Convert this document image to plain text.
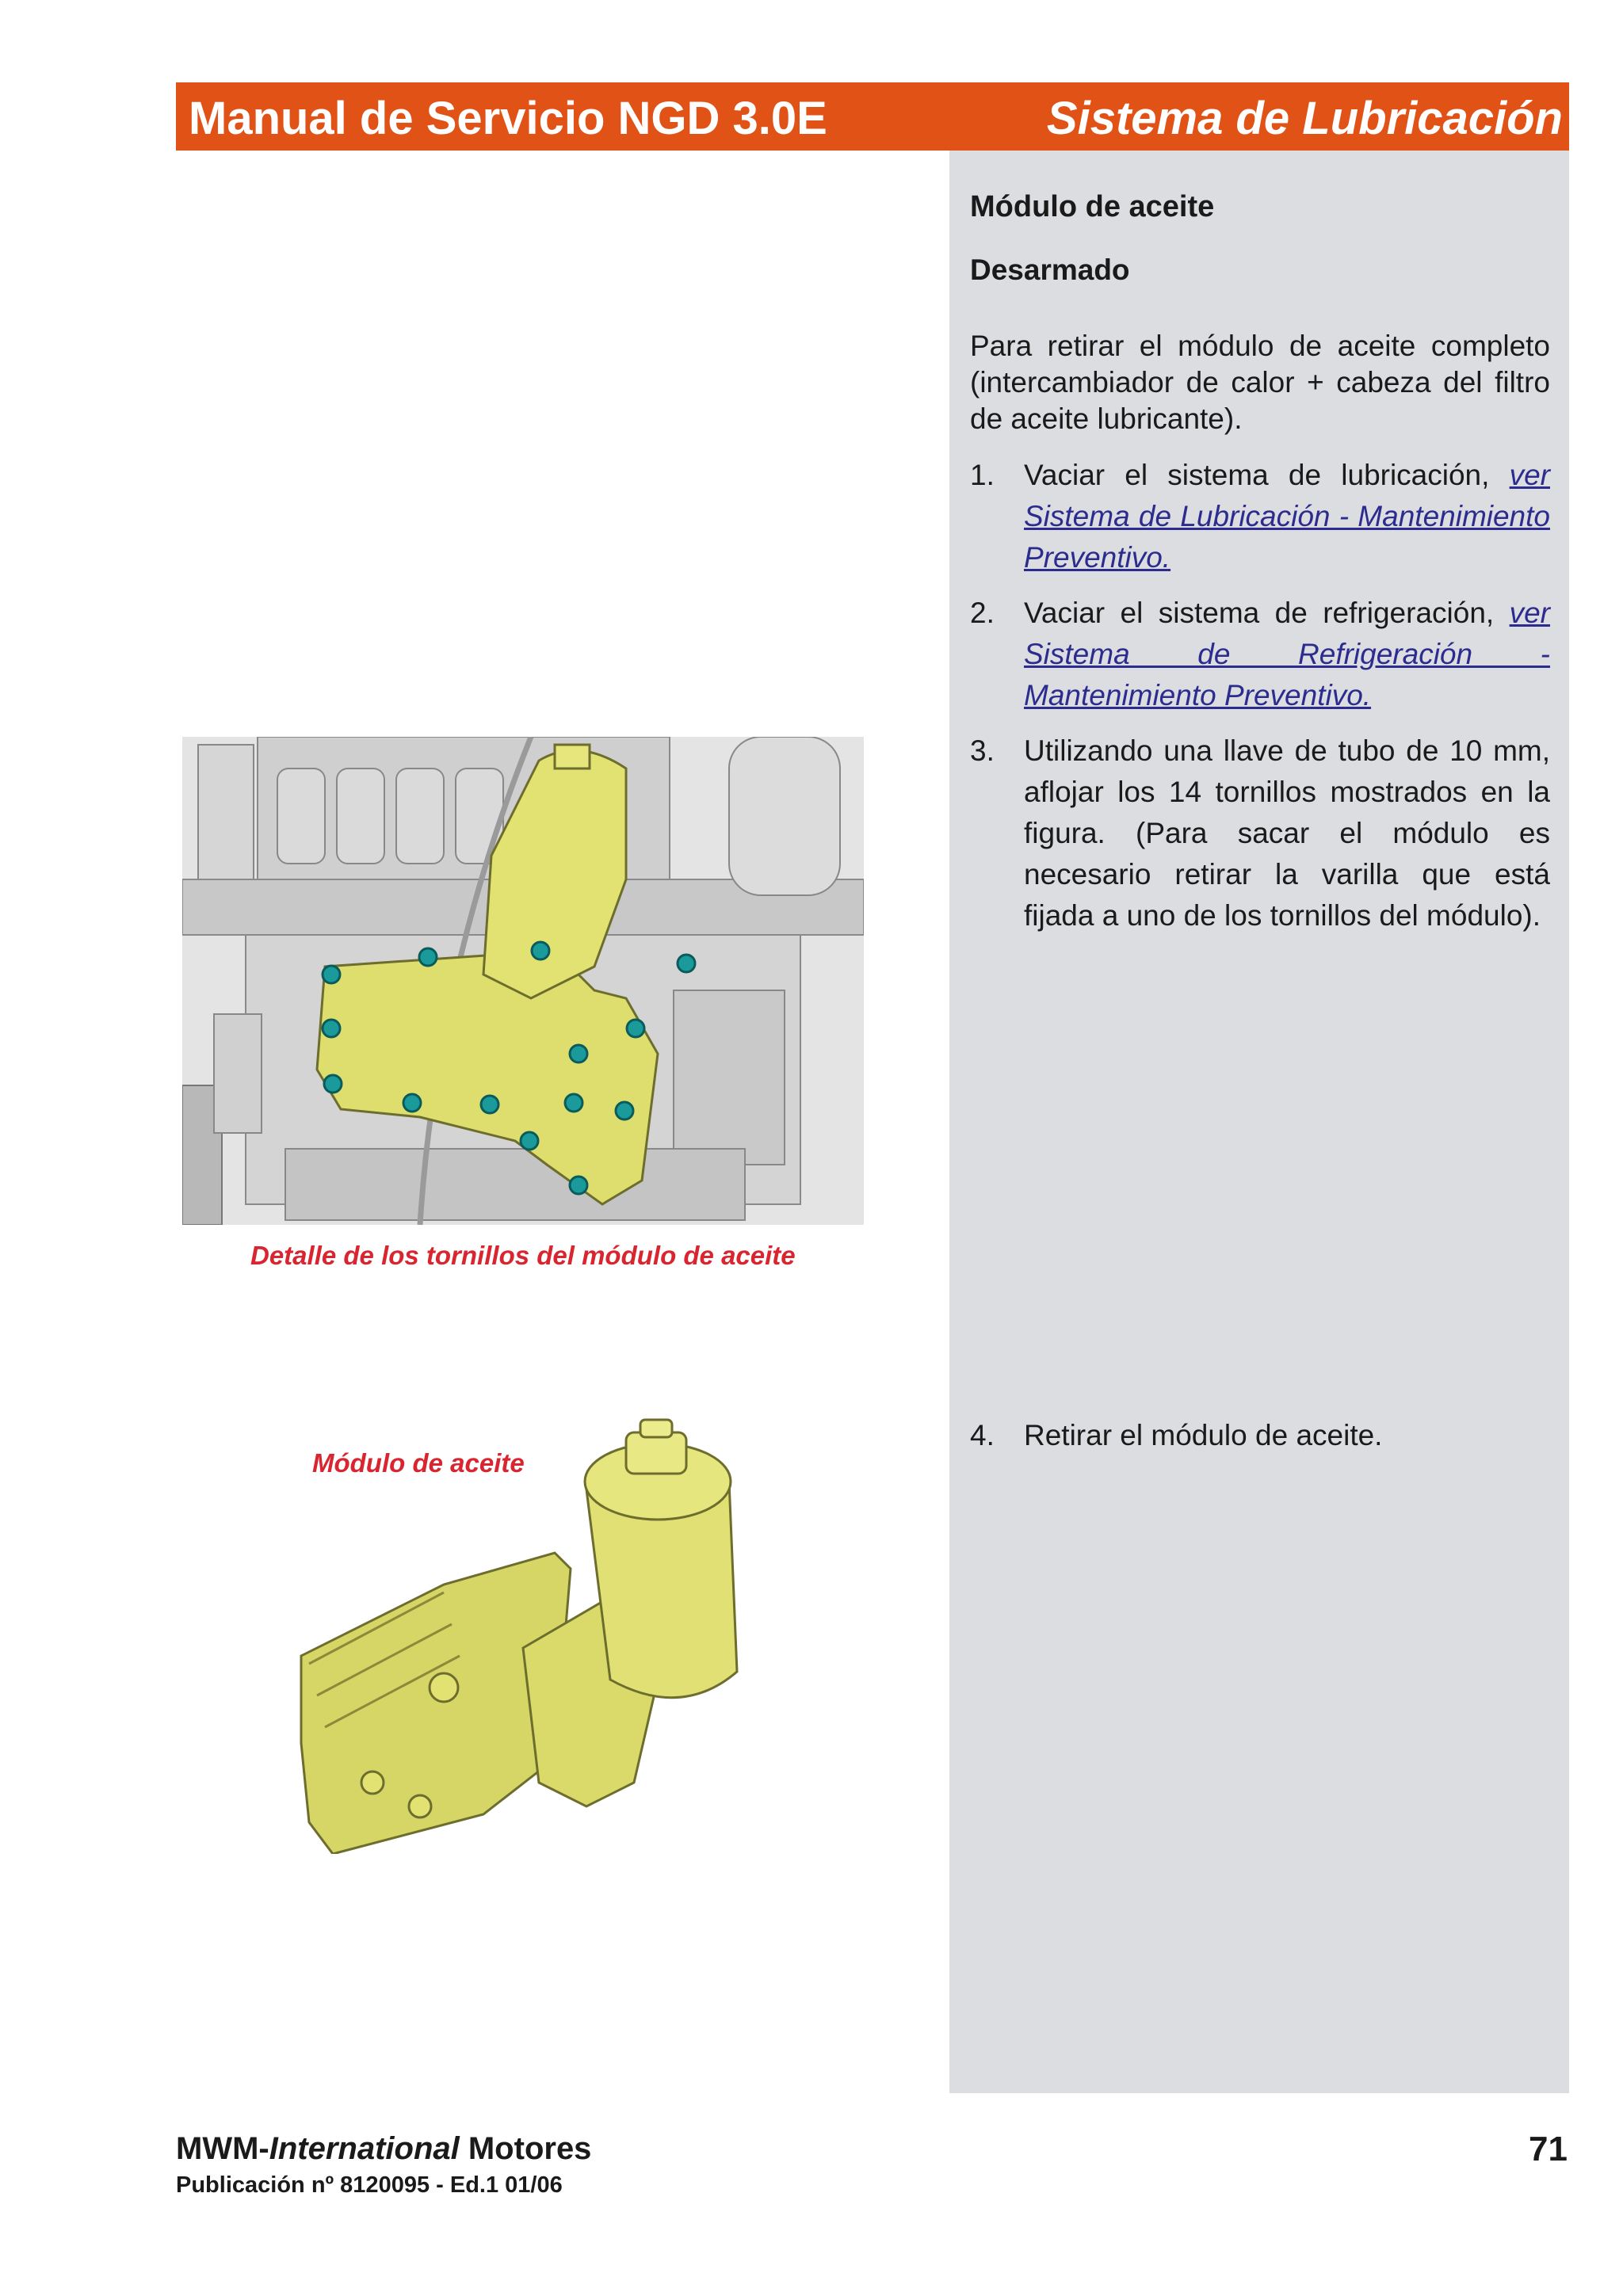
Manual de Servicio NGD 3.0E	Sistema de Lubricación
Módulo de aceite
Desarmado
Para retirar el módulo de aceite completo (intercambiador de calor + cabeza del filtro de aceite lubricante).
1.	Vaciar el sistema de lubricación, ver Sistema de Lubricación - Mantenimiento Preventivo.
2.	Vaciar el sistema de refrigeración, ver Sistema de Refrigeración - Mantenimiento Preventivo.
3.	Utilizando una llave de tubo de 10 mm, aflojar los 14 tornillos mostrados en la figura. (Para sacar el módulo es necesario retirar la varilla que está fijada a uno de los tornillos del módulo).
4.	Retirar el módulo de aceite.
Detalle de los tornillos del módulo de aceite
Módulo de aceite
MWM-International Motores
Publicación nº 8120095 - Ed.1 01/06
71
